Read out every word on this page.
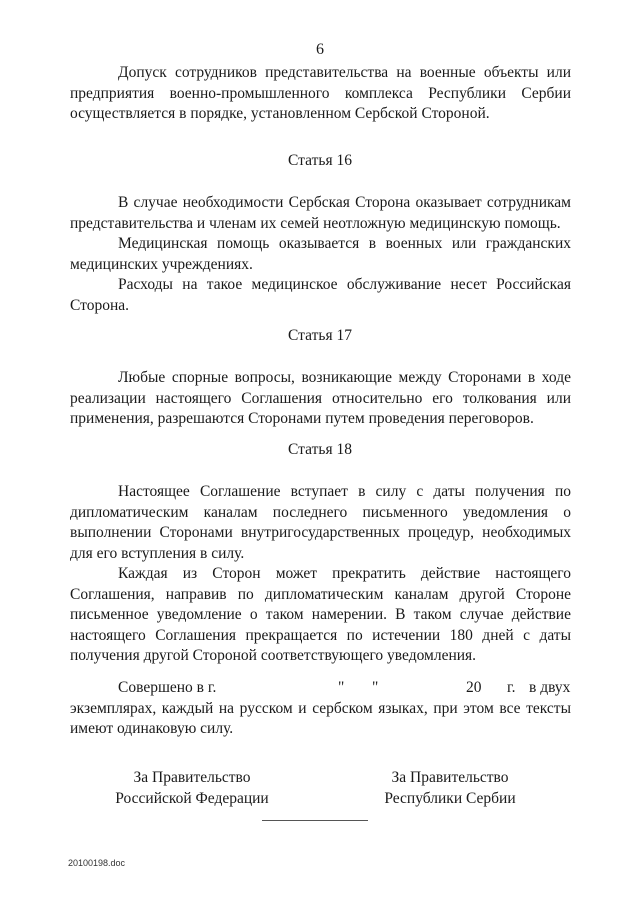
6

Допуск сотрудников представительства на военные объекты или предприятия военно-промышленного комплекса Республики Сербии осуществляется в порядке, установленном Сербской Стороной.

Статья 16

В случае необходимости Сербская Сторона оказывает сотрудникам представительства и членам их семей неотложную медицинскую помощь.

Медицинская помощь оказывается в военных или гражданских медицинских учреждениях.

Расходы на такое медицинское обслуживание несет Российская Сторона.

Статья 17

Любые спорные вопросы, возникающие между Сторонами в ходе реализации настоящего Соглашения относительно его толкования или применения, разрешаются Сторонами путем проведения переговоров.

Статья 18

Настоящее Соглашение вступает в силу с даты получения по дипломатическим каналам последнего письменного уведомления о выполнении Сторонами внутригосударственных процедур, необходимых для его вступления в силу.

Каждая из Сторон может прекратить действие настоящего Соглашения, направив по дипломатическим каналам другой Стороне письменное уведомление о таком намерении. В таком случае действие настоящего Соглашения прекращается по истечении 180 дней с даты получения другой Стороной соответствующего уведомления.

Совершено в г.	" "	20 г. в двух
экземплярах, каждый на русском и сербском языках, при этом все тексты имеют одинаковую силу.
За Правительство
Российской Федерации
За Правительство
Республики Сербии
20100198.doc
